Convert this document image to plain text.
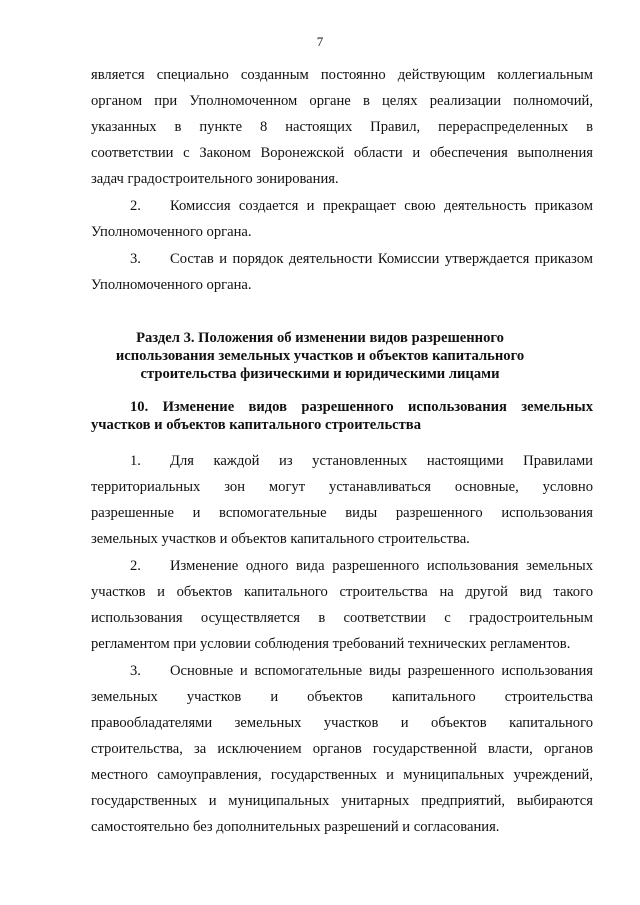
7
является специально созданным постоянно действующим коллегиальным
органом при Уполномоченном органе в целях реализации полномочий,
указанных в пункте 8 настоящих Правил, перераспределенных в
соответствии с Законом Воронежской области и обеспечения выполнения
задач градостроительного зонирования.
2. Комиссия создается и прекращает свою деятельность приказом
Уполномоченного органа.
3. Состав и порядок деятельности Комиссии утверждается приказом
Уполномоченного органа.
Раздел 3. Положения об изменении видов разрешенного
использования земельных участков и объектов капитального
строительства физическими и юридическими лицами
10. Изменение видов разрешенного использования земельных
участков и объектов капитального строительства
1. Для каждой из установленных настоящими Правилами
территориальных зон могут устанавливаться основные, условно
разрешенные и вспомогательные виды разрешенного использования
земельных участков и объектов капитального строительства.
2. Изменение одного вида разрешенного использования земельных
участков и объектов капитального строительства на другой вид такого
использования осуществляется в соответствии с градостроительным
регламентом при условии соблюдения требований технических регламентов.
3. Основные и вспомогательные виды разрешенного использования
земельных участков и объектов капитального строительства
правообладателями земельных участков и объектов капитального
строительства, за исключением органов государственной власти, органов
местного самоуправления, государственных и муниципальных учреждений,
государственных и муниципальных унитарных предприятий, выбираются
самостоятельно без дополнительных разрешений и согласования.
